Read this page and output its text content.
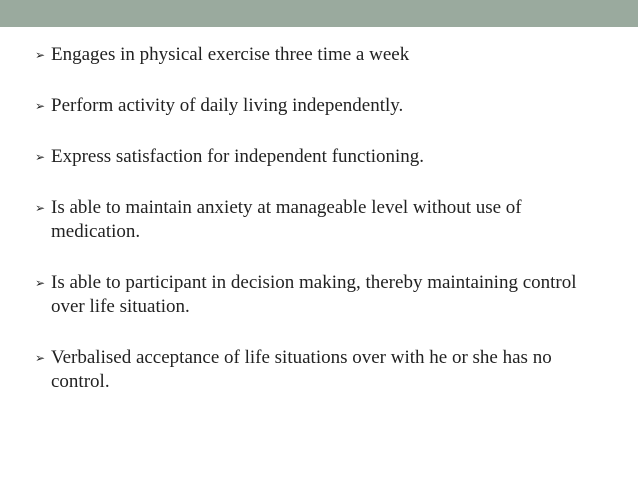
➢ Engages in physical exercise three time a week
➢ Perform activity of daily living independently.
➢ Express satisfaction for independent functioning.
➢ Is able to maintain anxiety at manageable level without use of medication.
➢ Is able to participant in decision making, thereby maintaining control over life situation.
➢ Verbalised acceptance of life situations over with he or she has no control.
